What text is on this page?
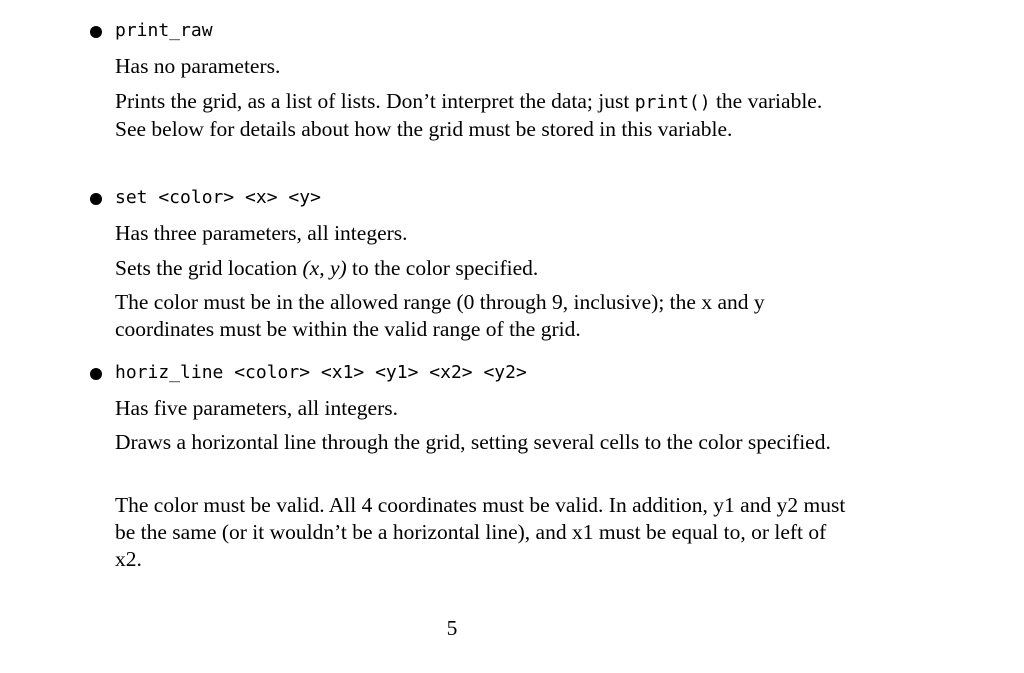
print_raw
Has no parameters.
Prints the grid, as a list of lists. Don’t interpret the data; just print() the variable. See below for details about how the grid must be stored in this variable.
set <color> <x> <y>
Has three parameters, all integers.
Sets the grid location (x, y) to the color specified.
The color must be in the allowed range (0 through 9, inclusive); the x and y coordinates must be within the valid range of the grid.
horiz_line <color> <x1> <y1> <x2> <y2>
Has five parameters, all integers.
Draws a horizontal line through the grid, setting several cells to the color specified.
The color must be valid. All 4 coordinates must be valid. In addition, y1 and y2 must be the same (or it wouldn’t be a horizontal line), and x1 must be equal to, or left of x2.
5
